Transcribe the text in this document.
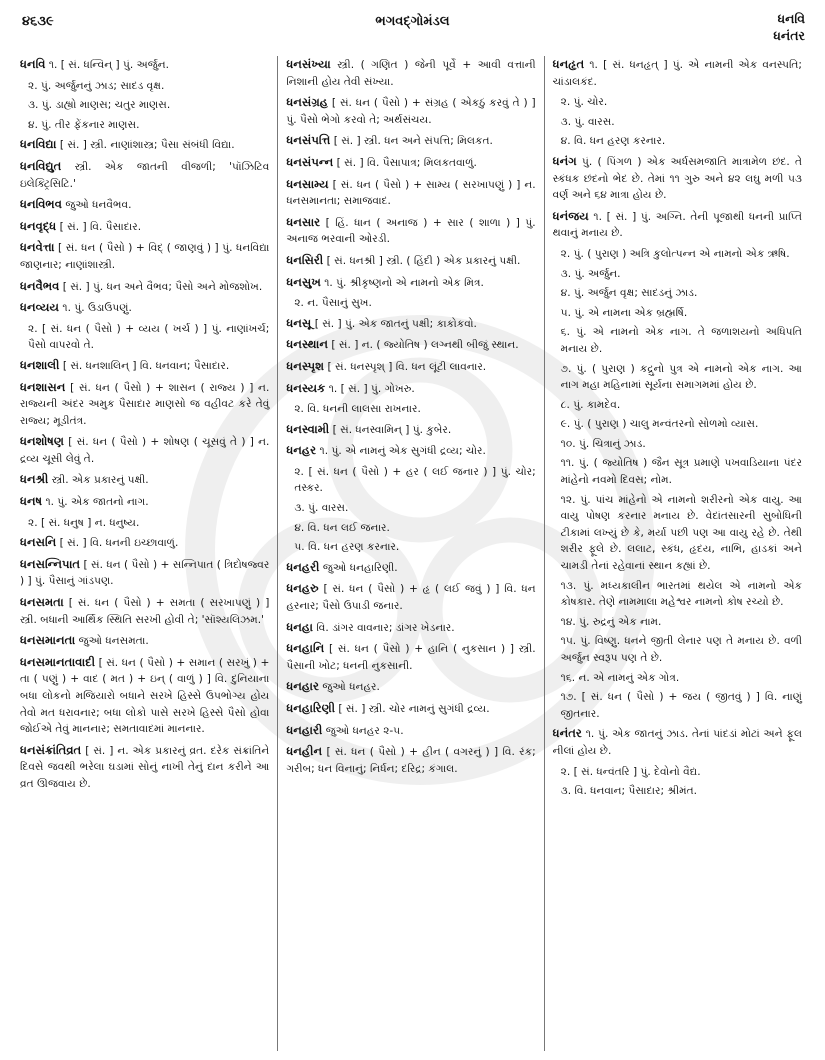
૪૬૩૯	ભગવદ્ગોમંડલ	ધનવિ
ધનંતર
ધનવિ ૧. [ સં. ધન્વિન્ ] પું. અર્જુન.
૨. પું. અર્જુનનું ઝાડ; સાદડ વૃક્ષ.
૩. પું. ડાહ્યો માણસ; ચતુર માણસ.
૪. પું. તીર ફેંકનાર માણસ.
ધનવિદ્યા [ સં. ] સ્ત્રી. નાણાંશાસ્ત્ર; પૈસા સંબંધી વિદ્યા.
ધનવિદ્યુત સ્ત્રી. એક જાતની વીજળી; 'પૉઝિટિવ ઇલેક્ટ્રિસિટિ.'
ધનવિભવ જુઓ ધનવૈભવ.
ધનવૃદ્ધ [ સં. ] વિ. પૈસાદાર.
ધનવેત્તા [ સં. ધન ( પૈસો ) + વિદ્ ( જાણવું ) ] પું. ધનવિદ્યા જાણનાર; નાણાંશાસ્ત્રી.
ધનવૈભવ [ સં. ] પું. ધન અને વૈભવ; પૈસો અને મોજશોખ.
ધનવ્યય ૧. પું. ઉડાઉપણું.
૨. [ સં. ધન ( પૈસો ) + વ્યય ( ખર્ચ ) ] પું. નાણાંખર્ચ; પૈસો વાપરવો તે.
ધનશાલી [ સં. ધનશાલિન્ ] વિ. ધનવાન; પૈસાદાર.
ધનશાસન [ સં. ધન ( પૈસો ) + શાસન ( રાજ્ય ) ] ન. રાજ્યની અંદર અમુક પૈસાદાર માણસો જ વહીવટ કરે તેવું રાજ્ય; મૂડીતંત્ર.
ધનશોષણ [ સં. ધન ( પૈસો ) + શોષણ ( ચૂસવું તે ) ] ન. દ્રવ્ય ચૂસી લેવું તે.
ધનશ્રી સ્ત્રી. એક પ્રકારનું પક્ષી.
ધનષ ૧. પું. એક જાતનો નાગ.
૨. [ સં. ધનુષ ] ન. ધનુષ્ય.
ધનસનિ [ સં. ] વિ. ધનની ઇચ્છાવાળું.
ધનસન્નિપાત [ સં. ધન ( પૈસો ) + સન્નિપાત ( ત્રિદોષજ્વર ) ] પું. પૈસાનું ગાંડપણ.
ધનસમતા [ સં. ધન ( પૈસો ) + સમતા ( સરખાપણું ) ] સ્ત્રી. બધાની આર્થિક સ્થિતિ સરખી હોવી તે; 'સૉશ્યલિઝમ.'
ધનસમાનતા જુઓ ધનસમતા.
ધનસમાનતાવાદી [ સં. ધન ( પૈસો ) + સમાન ( સરખું ) + તા ( પણું ) + વાદ ( મત ) + ઇન્ ( વાળું ) ] વિ. દુનિયાના બધા લોકનો મજિયારો બધાને સરખે હિસ્સે ઉપભોગ્ય હોય તેવો મત ધરાવનાર; બધા લોકો પાસે સરખે હિસ્સે પૈસો હોવા જોઈએ તેવું માનનાર; સમતાવાદમાં માનનાર.
ધનસંક્રાંતિવ્રત [ સં. ] ન. એક પ્રકારનું વ્રત. દરેક સંક્રાંતિને દિવસે જવથી ભરેલા ઘડામાં સોનું નાખી તેનું દાન કરીને આ વ્રત ઊજવાય છે.
ધનસંખ્યા સ્ત્રી. ( ગણિત ) જેની પૂર્વે + આવી વત્તાની નિશાની હોય તેવી સંખ્યા.
ધનસંગ્રહ [ સં. ધન ( પૈસો ) + સંગ્રહ ( એકઠું કરવું તે ) ] પું. પૈસો ભેગો કરવો તે; અર્થસંચય.
ધનસંપત્તિ [ સં. ] સ્ત્રી. ધન અને સંપત્તિ; મિલકત.
ધનસંપન્ન [ સં. ] વિ. પૈસાપાત્ર; મિલકતવાળું.
ધનસામ્ય [ સં. ધન ( પૈસો ) + સામ્ય ( સરખાપણું ) ] ન. ધનસમાનતા; સમાજવાદ.
ધનસાર [ હિં. ધાન ( અનાજ ) + સાર ( શાળા ) ] પું. અનાજ ભરવાની ઓરડી.
ધનસિરી [ સં. ધનશ્રી ] સ્ત્રી. ( હિંદી ) એક પ્રકારનું પક્ષી.
ધનસુખ ૧. પું. શ્રીકૃષ્ણનો એ નામનો એક મિત્ર.
૨. ન. પૈસાનું સુખ.
ધનસૂ [ સં. ] પું. એક જાતનું પક્ષી; કાકોકવો.
ધનસ્થાન [ સં. ] ન. ( જ્યોતિષ ) લગ્નથી બીજું સ્થાન.
ધનસ્પૃશ [ સં. ધનસ્પૃશ્ ] વિ. ધન લૂંટી લાવનાર.
ધનસ્યક ૧. [ સં. ] પું. ગોખરુ.
૨. વિ. ધનની લાલસા રાખનાર.
ધનસ્વામી [ સં. ધનસ્વામિન્ ] પું. કુબેર.
ધનહર ૧. પું. એ નામનું એક સુગંધી દ્રવ્ય; ચોર.
૨. [ સં. ધન ( પૈસો ) + હર ( લઈ જનાર ) ] પું. ચોર; તસ્કર.
૩. પું. વારસ.
૪. વિ. ધન લઈ જનાર.
૫. વિ. ધન હરણ કરનાર.
ધનહરી જુઓ ધનહારિણી.
ધનહરુ [ સં. ધન ( પૈસો ) + હૃ ( લઈ જવું ) ] વિ. ધન હરનાર; પૈસો ઉપાડી જનાર.
ધનહા વિ. ડાંગર વાવનાર; ડાંગર ખેડનાર.
ધનહાનિ [ સં. ધન ( પૈસો ) + હાનિ ( નુકસાન ) ] સ્ત્રી. પૈસાની ખોટ; ધનની નુકસાની.
ધનહાર જુઓ ધનહર.
ધનહારિણી [ સં. ] સ્ત્રી. ચોર નામનું સુગંધી દ્રવ્ય.
ધનહારી જુઓ ધનહર ૨-૫.
ધનહીન [ સં. ધન ( પૈસો ) + હીન ( વગરનું ) ] વિ. રંક; ગરીબ; ધન વિનાનું; નિર્ધન; દરિદ્ર; કંગાલ.
ધનહૃત ૧. [ સં. ધનહૃત્ ] પું. એ નામની એક વનસ્પતિ; ચાંડાલકંદ.
૨. પું. ચોર.
૩. પું. વારસ.
૪. વિ. ધન હરણ કરનાર.
ધનંગ પું. ( પિંગળ ) એક અર્ધસમજાતિ માત્રામેળ છંદ. તે સ્કંધક છંદનો ભેદ છે. તેમાં ૧૧ ગુરુ અને ૪૨ લઘુ મળી ૫૩ વર્ણ અને ૬૪ માત્રા હોય છે.
ધનંજય ૧. [ સં. ] પું. અગ્નિ. તેની પૂજાથી ધનની પ્રાપ્તિ થવાનું મનાય છે.
૨. પું. ( પુરાણ ) અત્રિ કુલોત્પન્ન એ નામનો એક ઋષિ.
૩. પું. અર્જુન.
૪. પું. અર્જુન વૃક્ષ; સાદડનું ઝાડ.
૫. પું. એ નામના એક બ્રહ્મર્ષિ.
૬. પું. એ નામનો એક નાગ. તે જળાશયનો અધિપતિ મનાય છે.
૭. પું. ( પુરાણ ) કદ્રુનો પુત્ર એ નામનો એક નાગ. આ નાગ મહા મહિનામાં સૂર્યના સમાગમમાં હોય છે.
૮. પું. કામદેવ.
૯. પું. ( પુરાણ ) ચાલુ મન્વંતરનો સોળમો વ્યાસ.
૧૦. પું. ચિત્રાનું ઝાડ.
૧૧. પું. ( જ્યોતિષ ) જૈન સૂત્ર પ્રમાણે પખવાડિયાના પંદર માંહેનો નવમો દિવસ; નોમ.
૧૨. પું. પાંચ માંહેનો એ નામનો શરીરનો એક વાયુ. આ વાયુ પોષણ કરનાર મનાય છે. વેદાંતસારની સુબોધિની ટીકામાં લખ્યું છે કે, મર્યા પછી પણ આ વાયુ રહે છે. તેથી શરીર ફૂલે છે. લલાટ, સ્કંધ, હૃદય, નાભિ, હાડકાં અને ચામડી તેનાં રહેવાનાં સ્થાન કહ્યાં છે.
૧૩. પું. મધ્યકાલીન ભારતમાં થયેલ એ નામનો એક કોષકાર. તેણે નામમાલા મહેશ્વર નામનો કોષ રચ્યો છે.
૧૪. પું. રુદ્રનું એક નામ.
૧૫. પું. વિષ્ણુ. ધનને જીતી લેનાર પણ તે મનાય છે. વળી અર્જુન સ્વરૂપ પણ તે છે.
૧૬. ન. એ નામનું એક ગોત્ર.
૧૭. [ સં. ધન ( પૈસો ) + જય ( જીતવું ) ] વિ. નાણું જીતનાર.
ધનંતર ૧. પું. એક જાતનું ઝાડ. તેનાં પાંદડાં મોટાં અને ફૂલ નીલાં હોય છે.
૨. [ સં. ધન્વંતરિ ] પું. દેવોનો વૈદ્ય.
૩. વિ. ધનવાન; પૈસાદાર; શ્રીમંત.
